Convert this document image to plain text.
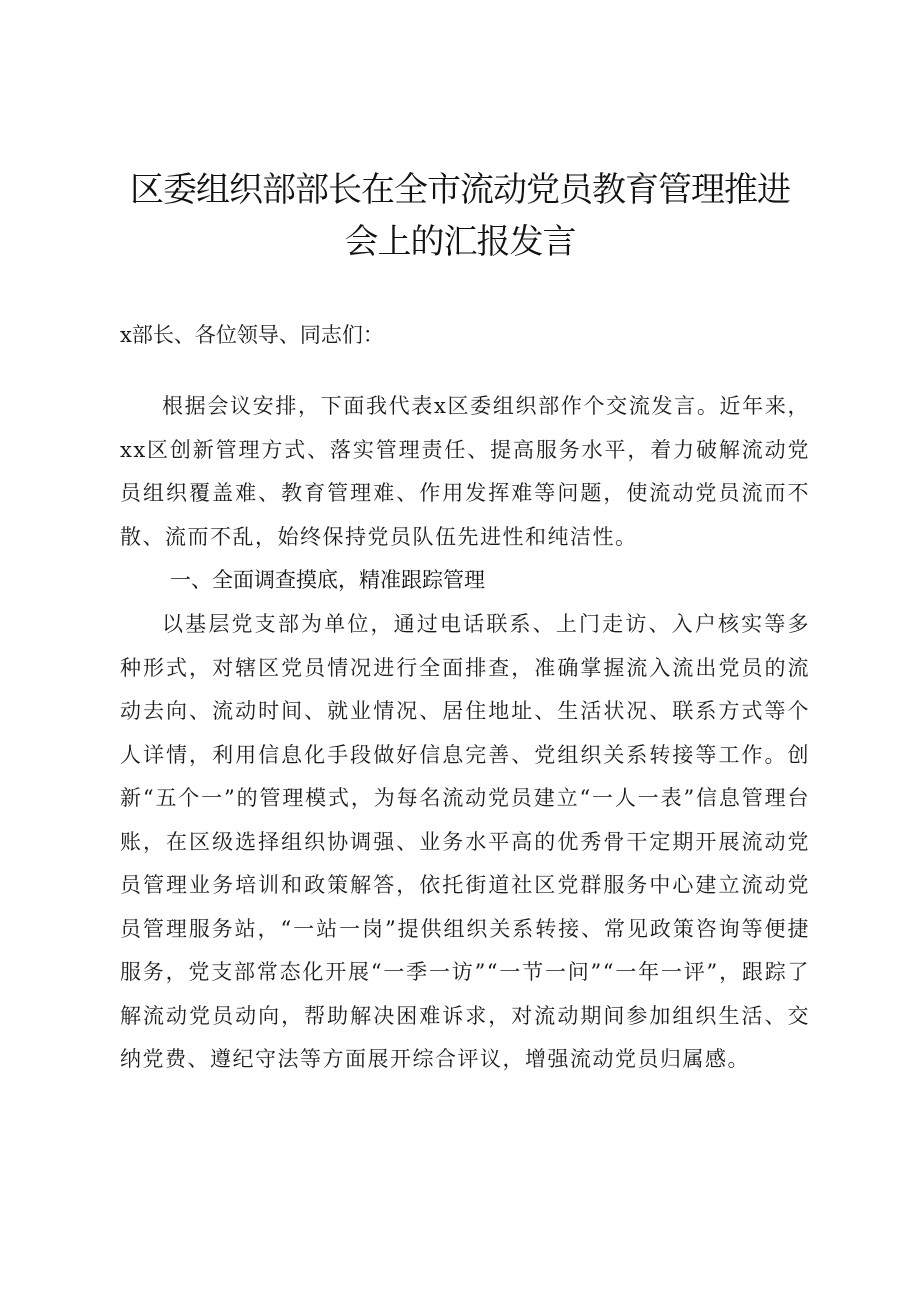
区委组织部部长在全市流动党员教育管理推进
会上的汇报发言
x部长、各位领导、同志们：

根据会议安排，下面我代表x区委组织部作个交流发言。近年来，xx区创新管理方式、落实管理责任、提高服务水平，着力破解流动党员组织覆盖难、教育管理难、作用发挥难等问题，使流动党员流而不散、流而不乱，始终保持党员队伍先进性和纯洁性。

一、全面调查摸底，精准跟踪管理

以基层党支部为单位，通过电话联系、上门走访、入户核实等多种形式，对辖区党员情况进行全面排查，准确掌握流入流出党员的流动去向、流动时间、就业情况、居住地址、生活状况、联系方式等个人详情，利用信息化手段做好信息完善、党组织关系转接等工作。创新“五个一”的管理模式，为每名流动党员建立“一人一表”信息管理台账，在区级选择组织协调强、业务水平高的优秀骨干定期开展流动党员管理业务培训和政策解答，依托街道社区党群服务中心建立流动党员管理服务站，“一站一岗”提供组织关系转接、常见政策咨询等便捷服务，党支部常态化开展“一季一访”“一节一问”“一年一评”，跟踪了解流动党员动向，帮助解决困难诉求，对流动期间参加组织生活、交纳党费、遵纪守法等方面展开综合评议，增强流动党员归属感。
